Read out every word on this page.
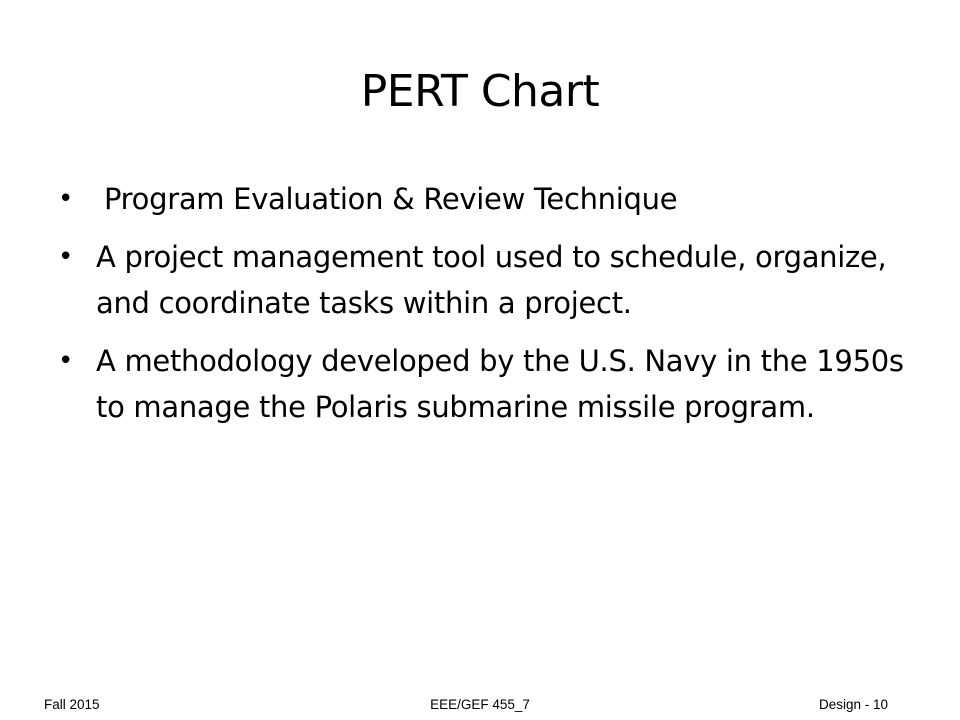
PERT Chart
• Program Evaluation & Review Technique
• A project management tool used to schedule, organize, and coordinate tasks within a project.
• A methodology developed by the U.S. Navy in the 1950s to manage the Polaris submarine missile program.
Fall 2015	EEE/GEF 455_7	Design - 10
